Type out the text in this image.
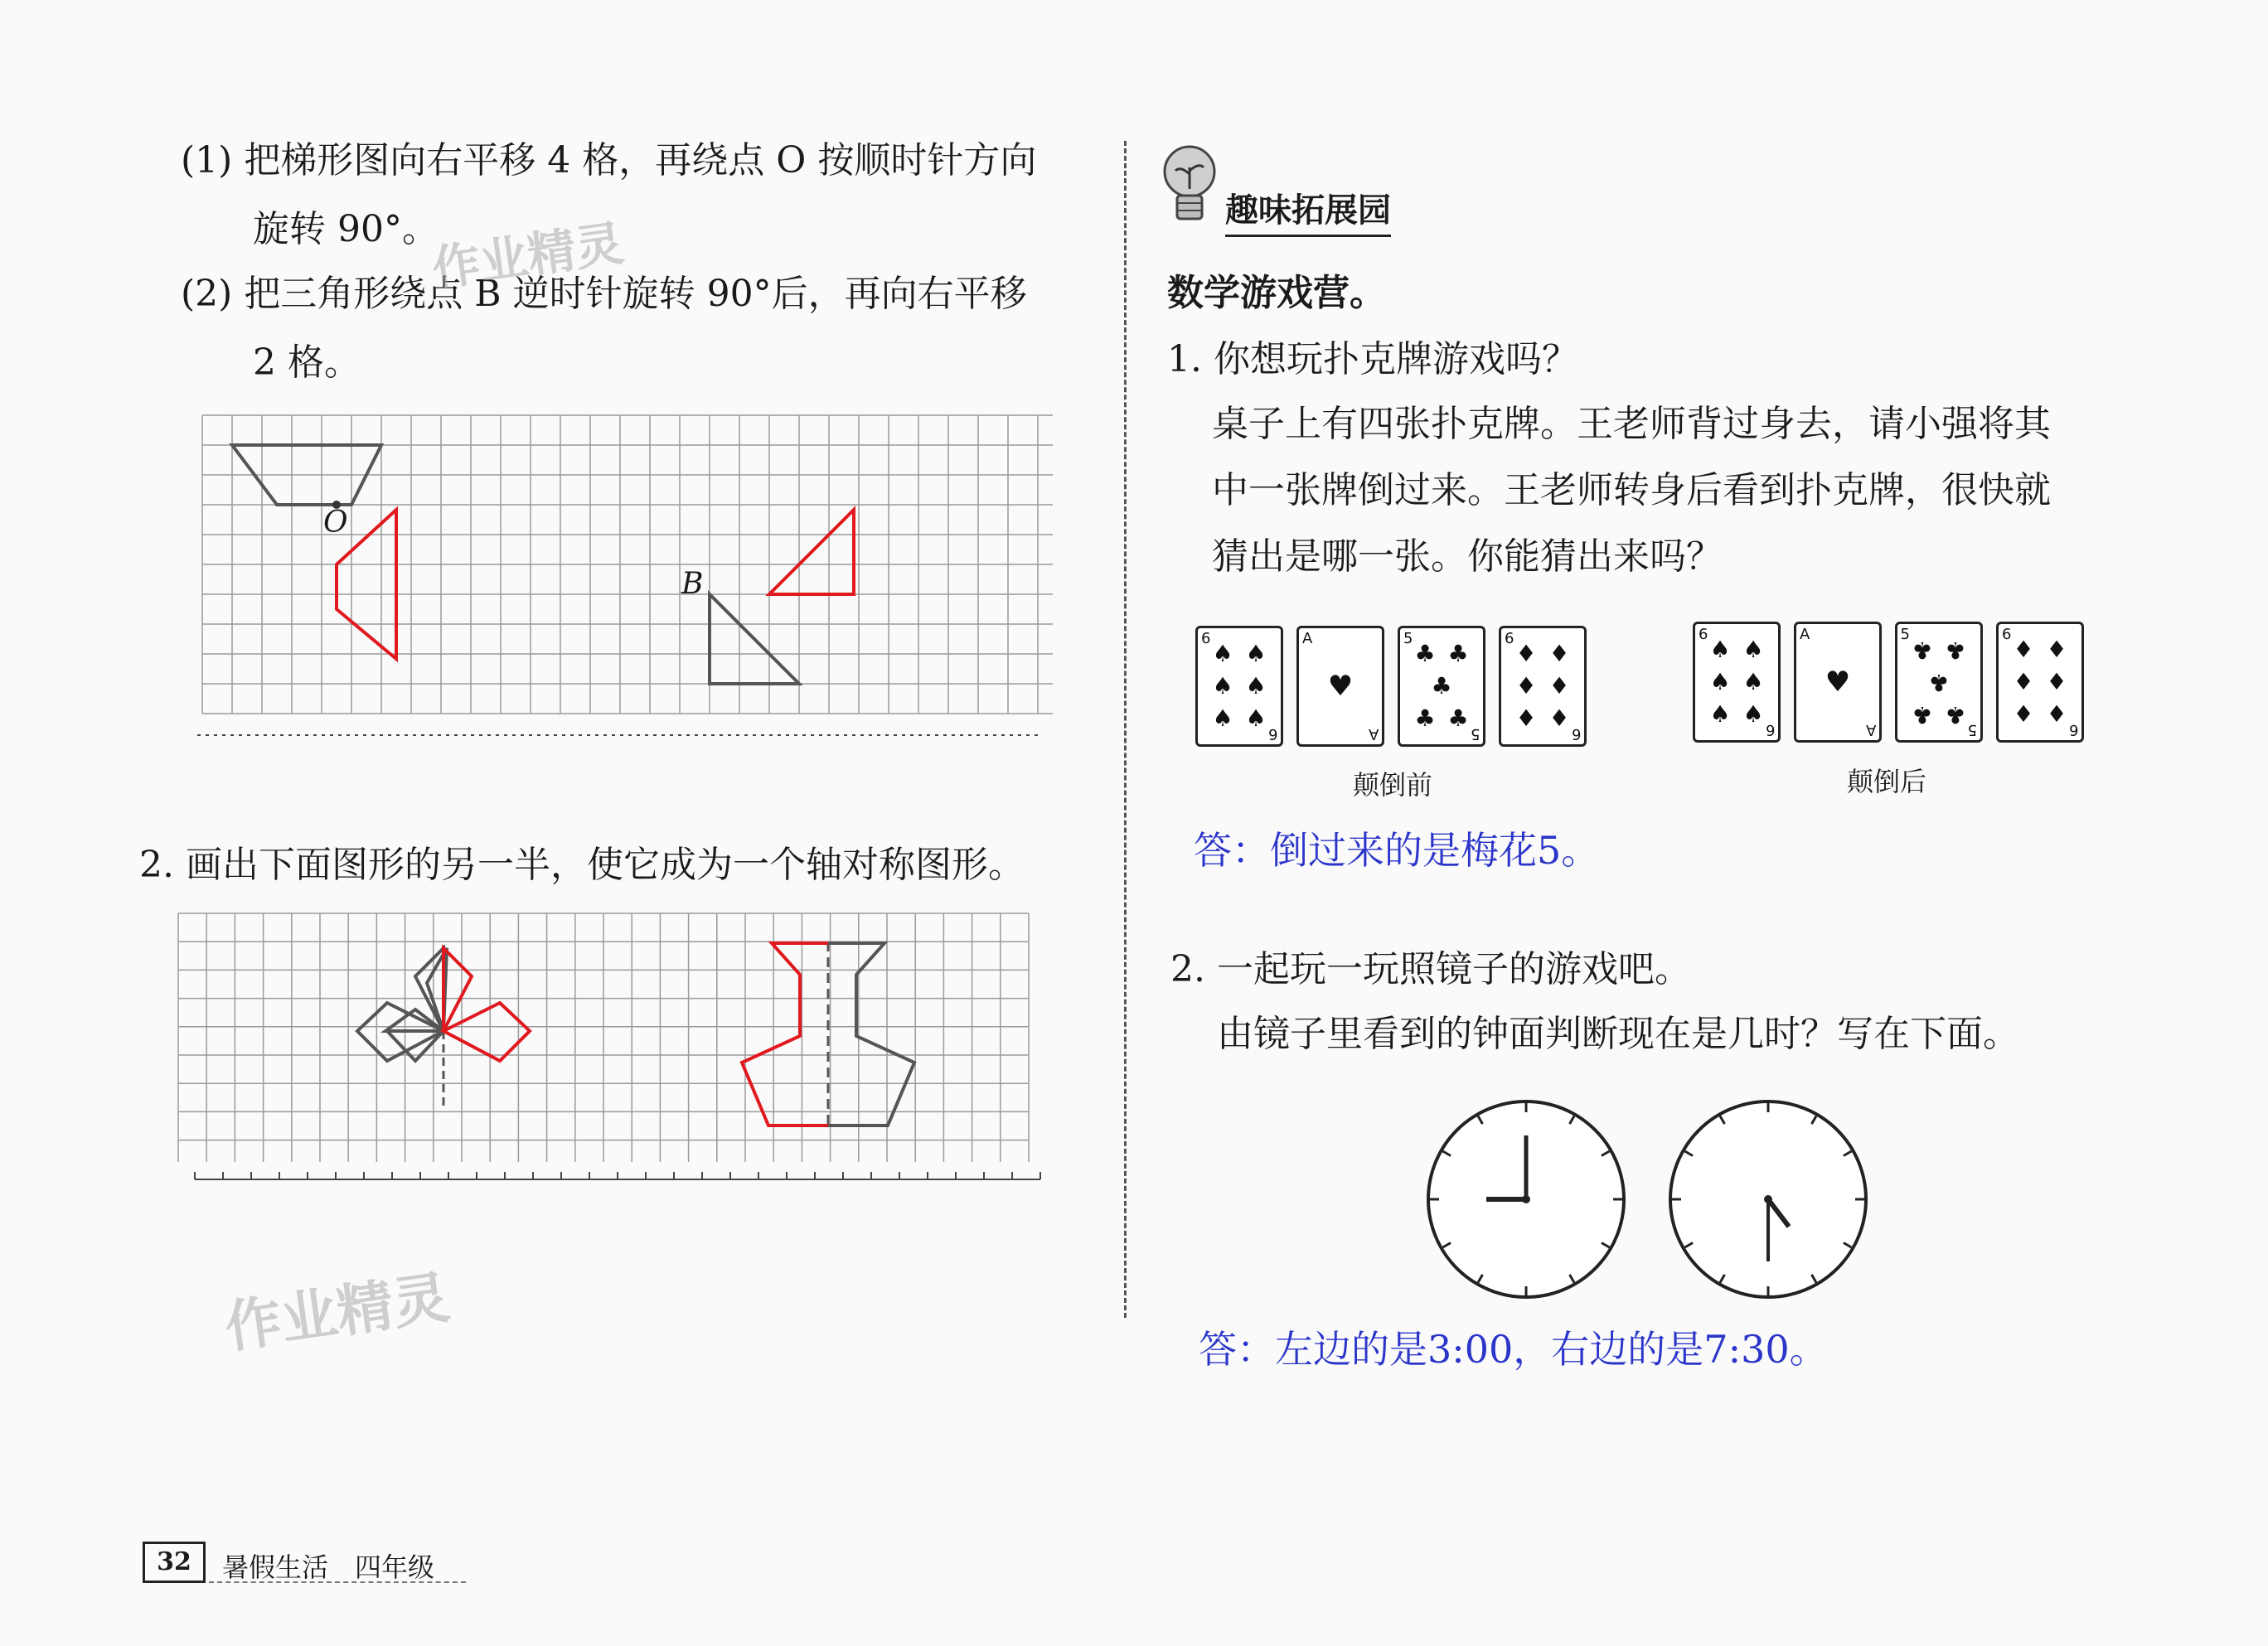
(1) 把梯形图向右平移 4 格，再绕点 O 按顺时针方向
旋转 90°。
(2) 把三角形绕点 B 逆时针旋转 90°后，再向右平移
2 格。
作业精灵
O
B
2. 画出下面图形的另一半，使它成为一个轴对称图形。
作业精灵
32	暑假生活　四年级
趣味拓展园
数学游戏营。
1. 你想玩扑克牌游戏吗？
桌子上有四张扑克牌。王老师背过身去，请小强将其
中一张牌倒过来。王老师转身后看到扑克牌，很快就
猜出是哪一张。你能猜出来吗？
6
6
♠ ♠
♠ ♠
♠ ♠
A
A
♥
5
5
♣ ♣
♣
♣ ♣
6
6
♦ ♦
♦ ♦
♦ ♦
6
6
♠ ♠
♠ ♠
♠ ♠
A
A
♥
5
5
♣
♣
♣
♣
♣
6
6
♦ ♦
♦ ♦
♦ ♦
颠倒前	颠倒后
答：倒过来的是梅花5。
2. 一起玩一玩照镜子的游戏吧。
由镜子里看到的钟面判断现在是几时？写在下面。
答：左边的是3:00，右边的是7:30。
